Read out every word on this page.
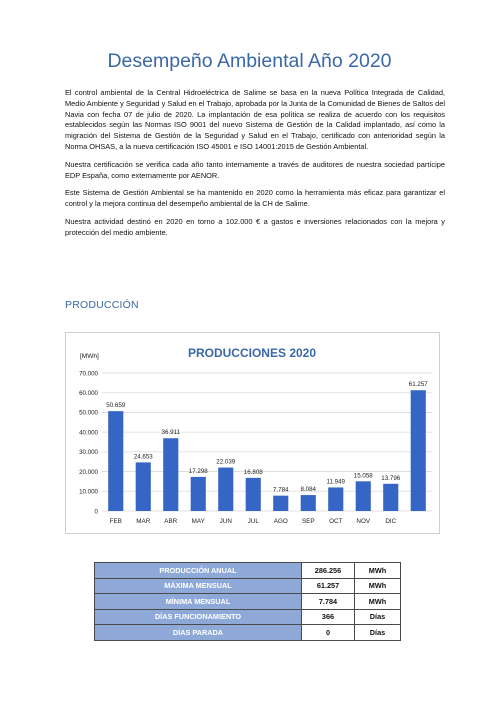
Desempeño Ambiental Año 2020

El control ambiental de la Central Hidroeléctrica de Salime se basa en la nueva Política Integrada de Calidad, Medio Ambiente y Seguridad y Salud en el Trabajo, aprobada por la Junta de la Comunidad de Bienes de Saltos del Navia con fecha 07 de julio de 2020. La implantación de esa política se realiza de acuerdo con los requisitos establecidos según las Normas ISO 9001 del nuevo Sistema de Gestión de la Calidad implantado, así como la migración del Sistema de Gestión de la Seguridad y Salud en el Trabajo, certificado con anterioridad según la Norma OHSAS, a la nueva certificación ISO 45001 e ISO 14001:2015 de Gestión Ambiental.

Nuestra certificación se verifica cada año tanto internamente a través de auditores de nuestra sociedad partícipe EDP España, como externamente por AENOR.

Este Sistema de Gestión Ambiental se ha mantenido en 2020 como la herramienta más eficaz para garantizar el control y la mejora continua del desempeño ambiental de la CH de Salime.

Nuestra actividad destinó en 2020 en torno a 102.000 € a gastos e inversiones relacionados con la mejora y protección del medio ambiente.

PRODUCCIÓN
PRODUCCIONES 2020
[MWh]
0
10.000
20.000
30.000
40.000
50.000
60.000
70.000
50.659
FEB
24.653
MAR
36.911
ABR
17.298
MAY
22.039
JUN
16.808
JUL
7.784
AGO
8.084
SEP
11.949
OCT
15.058
NOV
13.796
DIC
61.257
PRODUCCIÓN ANUAL	286.256	MWh
MÁXIMA MENSUAL	61.257	MWh
MÍNIMA MENSUAL	7.784	MWh
DÍAS FUNCIONAMIENTO	366	Días
DÍAS PARADA	0	Días
